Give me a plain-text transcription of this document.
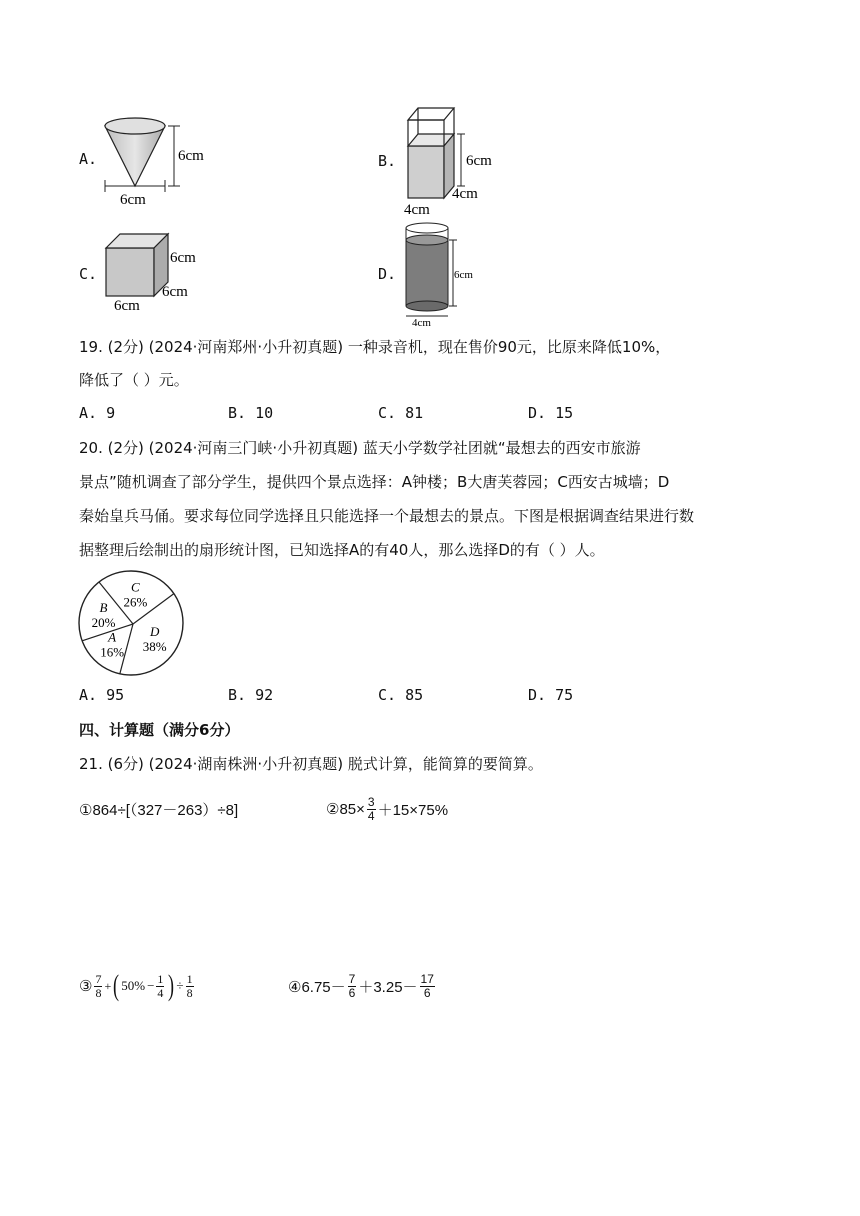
A.	6cm
6cm
B.	6cm
4cm
4cm
C.
6cm
6cm
6cm
D.	6cm
4cm
19. (2分) (2024·河南郑州·小升初真题) 一种录音机，现在售价90元，比原来降低10%，
降低了（ ）元。
A. 9	B. 10	C. 81	D. 15
20. (2分) (2024·河南三门峡·小升初真题) 蓝天小学数学社团就“最想去的西安市旅游
景点”随机调查了部分学生，提供四个景点选择：A钟楼；B大唐芙蓉园；C西安古城墙；D
秦始皇兵马俑。要求每位同学选择且只能选择一个最想去的景点。下图是根据调查结果进行数
据整理后绘制出的扇形统计图，已知选择A的有40人，那么选择D的有（ ）人。
B
20%
C
26%
D
38%
A
16%
A. 95	B. 92	C. 85	D. 75
四、计算题（满分6分）
21. (6分) (2024·湖南株洲·小升初真题) 脱式计算，能简算的要简算。
①864÷[（327－263）÷8]	②85× $\frac{3}{4} +15\times 75\%$
③ $\frac{7}{8}$ + ( $50\% - \frac{1}{4}$ ) ÷ $\frac{1}{8}$	④6.75－ $\frac{7}{6} +3.25- \frac{17}{6}$
